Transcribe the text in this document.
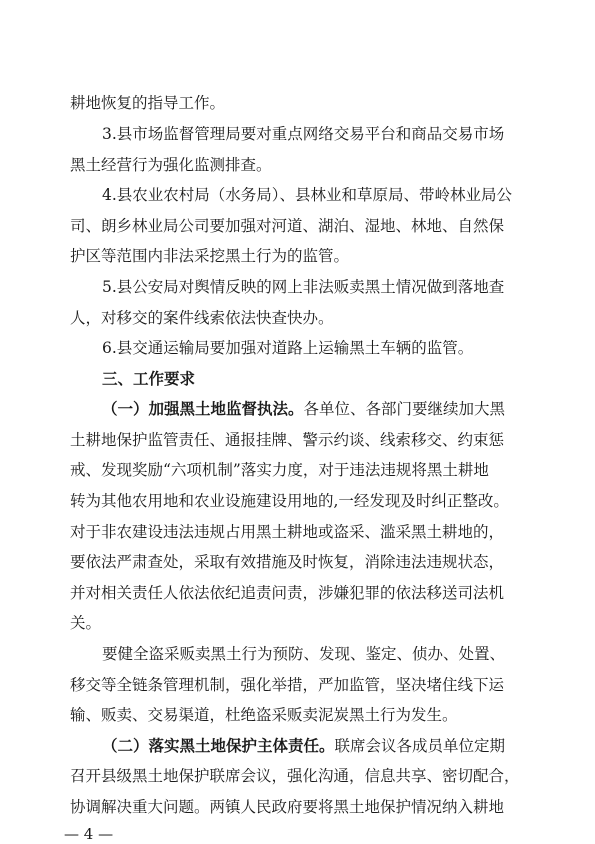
耕地恢复的指导工作。
3.县市场监督管理局要对重点网络交易平台和商品交易市场
黑土经营行为强化监测排查。
4.县农业农村局（水务局）、县林业和草原局、带岭林业局公
司、朗乡林业局公司要加强对河道、湖泊、湿地、林地、自然保
护区等范围内非法采挖黑土行为的监管。
5.县公安局对舆情反映的网上非法贩卖黑土情况做到落地查
人，对移交的案件线索依法快查快办。
6.县交通运输局要加强对道路上运输黑土车辆的监管。
三、工作要求
（一）加强黑土地监督执法。各单位、各部门要继续加大黑
土耕地保护监管责任、通报挂牌、警示约谈、线索移交、约束惩
戒、发现奖励“六项机制”落实力度，对于违法违规将黑土耕地
转为其他农用地和农业设施建设用地的,一经发现及时纠正整改。
对于非农建设违法违规占用黑土耕地或盗采、滥采黑土耕地的，
要依法严肃查处，采取有效措施及时恢复，消除违法违规状态，
并对相关责任人依法依纪追责问责，涉嫌犯罪的依法移送司法机
关。
要健全盗采贩卖黑土行为预防、发现、鉴定、侦办、处置、
移交等全链条管理机制，强化举措，严加监管，坚决堵住线下运
输、贩卖、交易渠道，杜绝盗采贩卖泥炭黑土行为发生。
（二）落实黑土地保护主体责任。联席会议各成员单位定期
召开县级黑土地保护联席会议，强化沟通，信息共享、密切配合，
协调解决重大问题。两镇人民政府要将黑土地保护情况纳入耕地
— 4 —
